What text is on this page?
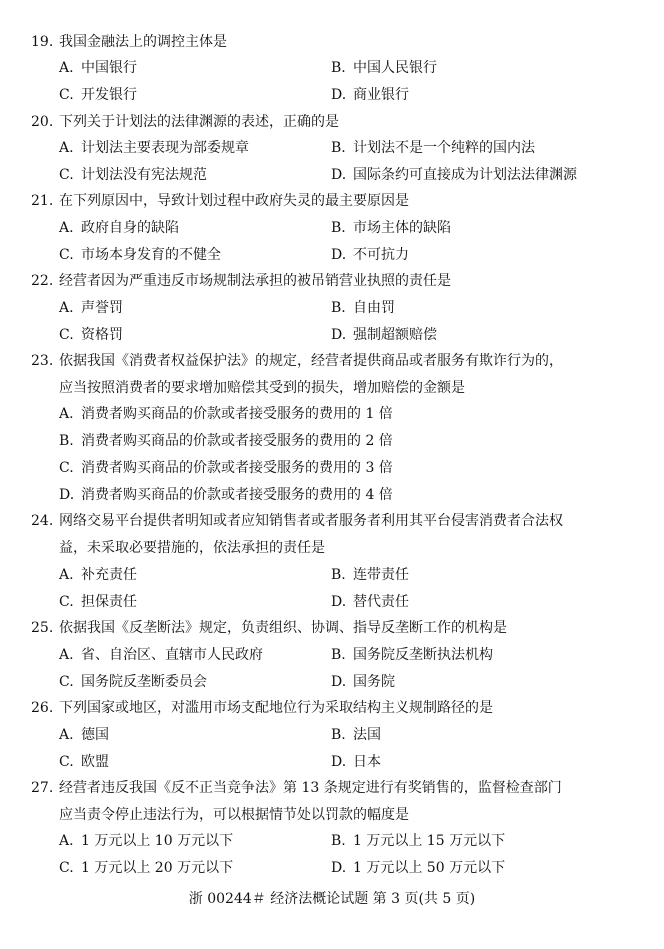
19. 我国金融法上的调控主体是
A. 中国银行	B. 中国人民银行
C. 开发银行	D. 商业银行
20. 下列关于计划法的法律渊源的表述，正确的是
A. 计划法主要表现为部委规章	B. 计划法不是一个纯粹的国内法
C. 计划法没有宪法规范	D. 国际条约可直接成为计划法法律渊源
21. 在下列原因中，导致计划过程中政府失灵的最主要原因是
A. 政府自身的缺陷	B. 市场主体的缺陷
C. 市场本身发育的不健全	D. 不可抗力
22. 经营者因为严重违反市场规制法承担的被吊销营业执照的责任是
A. 声誉罚	B. 自由罚
C. 资格罚	D. 强制超额赔偿
23. 依据我国《消费者权益保护法》的规定，经营者提供商品或者服务有欺诈行为的，
应当按照消费者的要求增加赔偿其受到的损失，增加赔偿的金额是
A. 消费者购买商品的价款或者接受服务的费用的 1 倍
B. 消费者购买商品的价款或者接受服务的费用的 2 倍
C. 消费者购买商品的价款或者接受服务的费用的 3 倍
D. 消费者购买商品的价款或者接受服务的费用的 4 倍
24. 网络交易平台提供者明知或者应知销售者或者服务者利用其平台侵害消费者合法权
益，未采取必要措施的，依法承担的责任是
A. 补充责任	B. 连带责任
C. 担保责任	D. 替代责任
25. 依据我国《反垄断法》规定，负责组织、协调、指导反垄断工作的机构是
A. 省、自治区、直辖市人民政府	B. 国务院反垄断执法机构
C. 国务院反垄断委员会	D. 国务院
26. 下列国家或地区，对滥用市场支配地位行为采取结构主义规制路径的是
A. 德国	B. 法国
C. 欧盟	D. 日本
27. 经营者违反我国《反不正当竞争法》第 13 条规定进行有奖销售的，监督检查部门
应当责令停止违法行为，可以根据情节处以罚款的幅度是
A. 1 万元以上 10 万元以下	B. 1 万元以上 15 万元以下
C. 1 万元以上 20 万元以下	D. 1 万元以上 50 万元以下
浙 00244＃ 经济法概论试题 第 3 页(共 5 页)
